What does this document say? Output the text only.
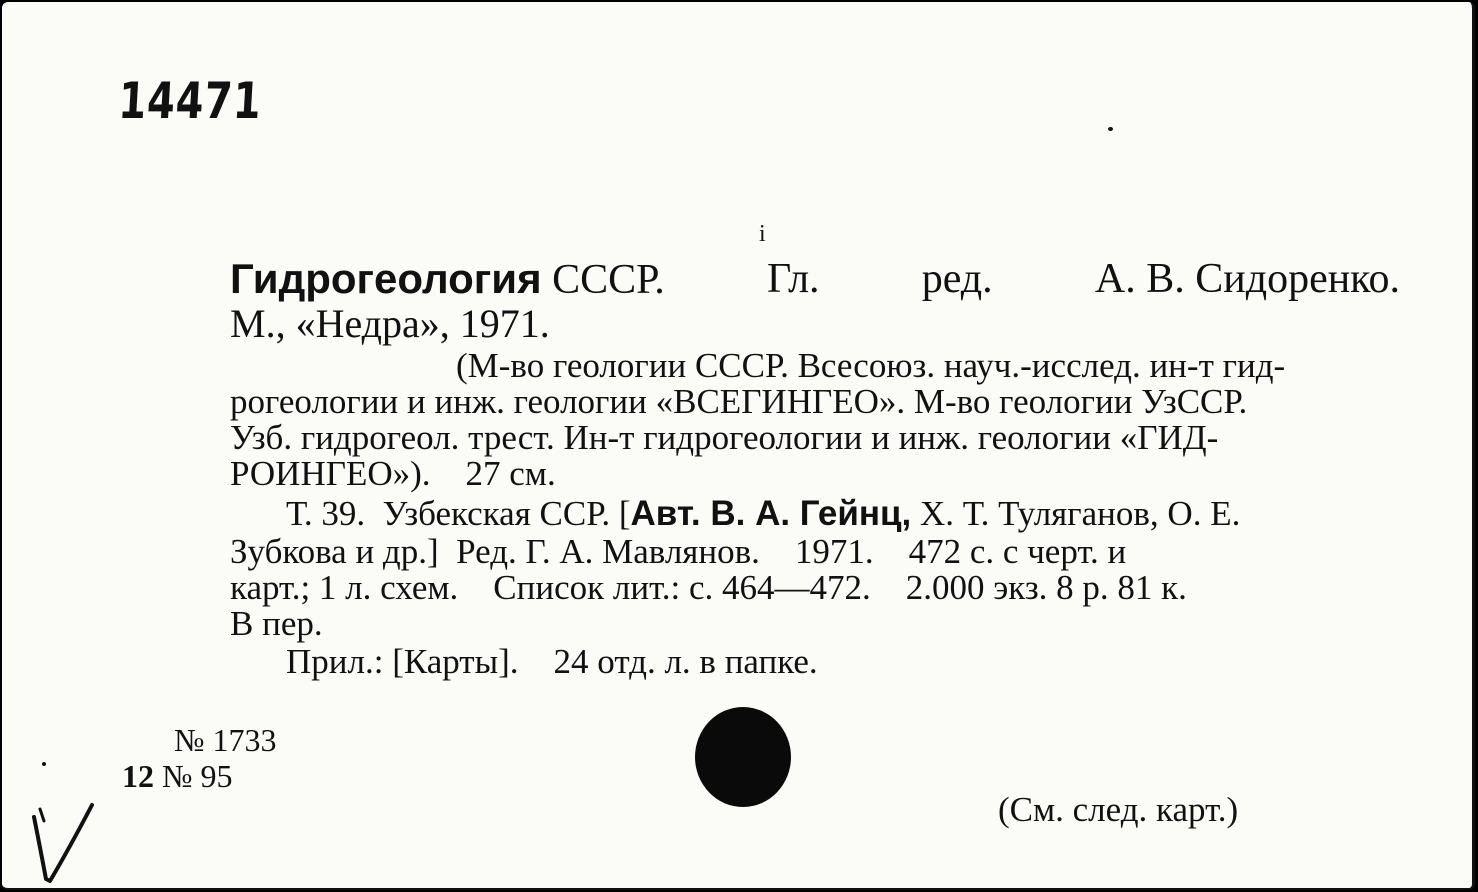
14471
i
Гидрогеология СССР. Гл. ред. А. В. Сидоренко.
М., «Недра», 1971.
(М-во геологии СССР. Всесоюз. науч.-исслед. ин-т гид-
рогеологии и инж. геологии «ВСЕГИНГЕО». М-во геологии УзССР.
Узб. гидрогеол. трест. Ин-т гидрогеологии и инж. геологии «ГИД-
РОИНГЕО»).    27 см.
Т. 39.  Узбекская ССР. [Авт. В. А. Гейнц, Х. Т. Туляганов, О. Е.
Зубкова и др.]  Ред. Г. А. Мавлянов.    1971.    472 с. с черт. и
карт.; 1 л. схем.    Список лит.: с. 464—472.    2.000 экз. 8 р. 81 к.
В пер.
Прил.: [Карты].    24 отд. л. в папке.
№ 1733
12 № 95
(См. след. карт.)
